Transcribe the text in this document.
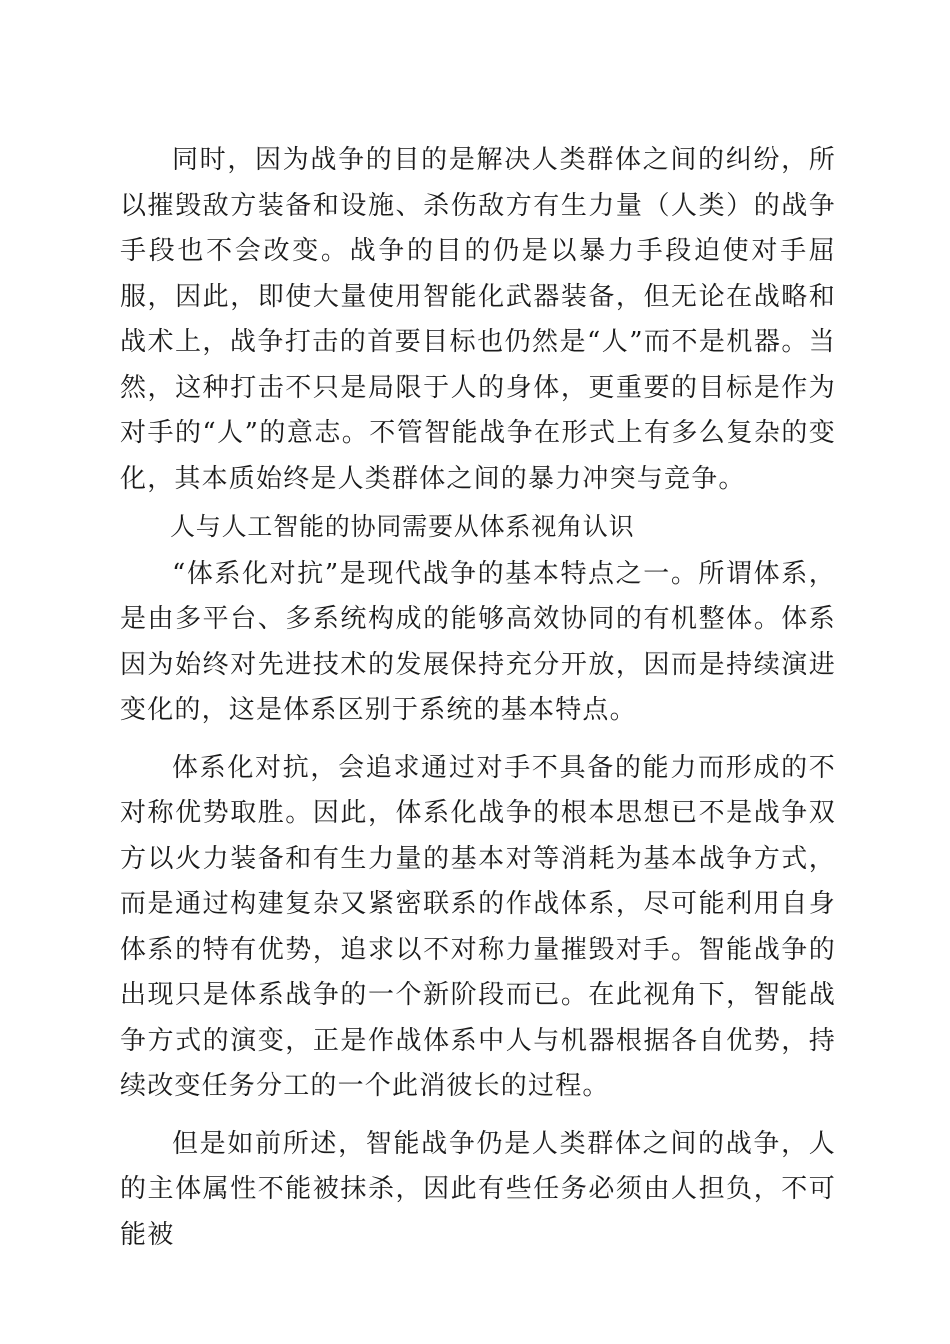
同时，因为战争的目的是解决人类群体之间的纠纷，所以摧毁敌方装备和设施、杀伤敌方有生力量（人类）的战争手段也不会改变。战争的目的仍是以暴力手段迫使对手屈服，因此，即使大量使用智能化武器装备，但无论在战略和战术上，战争打击的首要目标也仍然是“人”而不是机器。当然，这种打击不只是局限于人的身体，更重要的目标是作为对手的“人”的意志。不管智能战争在形式上有多么复杂的变化，其本质始终是人类群体之间的暴力冲突与竞争。

人与人工智能的协同需要从体系视角认识

“体系化对抗”是现代战争的基本特点之一。所谓体系，是由多平台、多系统构成的能够高效协同的有机整体。体系因为始终对先进技术的发展保持充分开放，因而是持续演进变化的，这是体系区别于系统的基本特点。

体系化对抗，会追求通过对手不具备的能力而形成的不对称优势取胜。因此，体系化战争的根本思想已不是战争双方以火力装备和有生力量的基本对等消耗为基本战争方式，而是通过构建复杂又紧密联系的作战体系，尽可能利用自身体系的特有优势，追求以不对称力量摧毁对手。智能战争的出现只是体系战争的一个新阶段而已。在此视角下，智能战争方式的演变，正是作战体系中人与机器根据各自优势，持续改变任务分工的一个此消彼长的过程。

但是如前所述，智能战争仍是人类群体之间的战争，人的主体属性不能被抹杀，因此有些任务必须由人担负，不可能被
